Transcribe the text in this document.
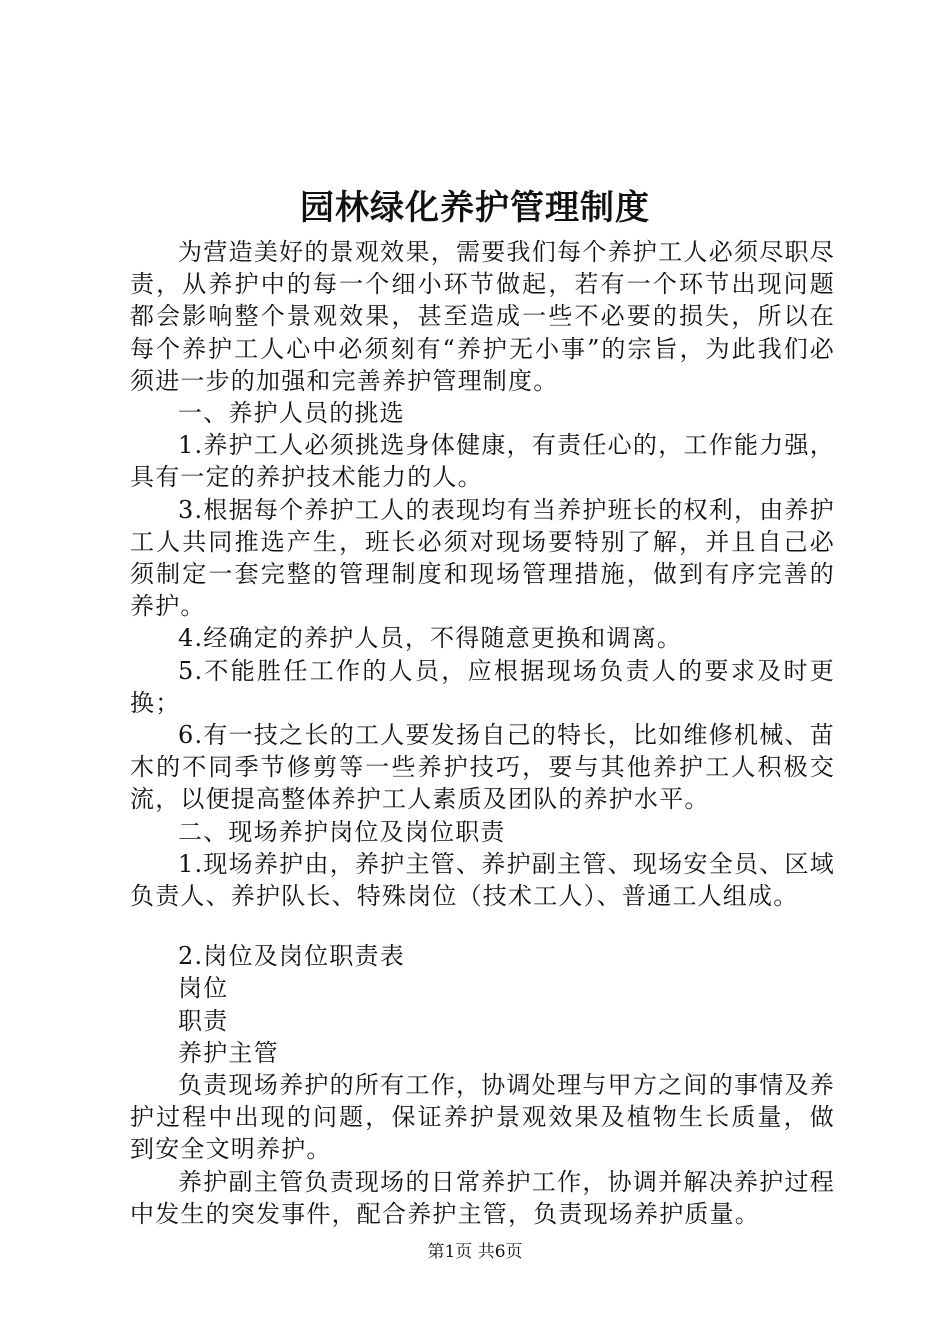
园林绿化养护管理制度

为营造美好的景观效果，需要我们每个养护工人必须尽职尽责，从养护中的每一个细小环节做起，若有一个环节出现问题都会影响整个景观效果，甚至造成一些不必要的损失，所以在每个养护工人心中必须刻有“养护无小事”的宗旨，为此我们必须进一步的加强和完善养护管理制度。

一、养护人员的挑选

1.养护工人必须挑选身体健康，有责任心的，工作能力强，具有一定的养护技术能力的人。

3.根据每个养护工人的表现均有当养护班长的权利，由养护工人共同推选产生，班长必须对现场要特别了解，并且自己必须制定一套完整的管理制度和现场管理措施，做到有序完善的养护。

4.经确定的养护人员，不得随意更换和调离。

5.不能胜任工作的人员，应根据现场负责人的要求及时更换；

6.有一技之长的工人要发扬自己的特长，比如维修机械、苗木的不同季节修剪等一些养护技巧，要与其他养护工人积极交流，以便提高整体养护工人素质及团队的养护水平。

二、现场养护岗位及岗位职责

1.现场养护由，养护主管、养护副主管、现场安全员、区域负责人、养护队长、特殊岗位（技术工人）、普通工人组成。

2.岗位及岗位职责表

岗位

职责

养护主管

负责现场养护的所有工作，协调处理与甲方之间的事情及养护过程中出现的问题，保证养护景观效果及植物生长质量，做到安全文明养护。

养护副主管负责现场的日常养护工作，协调并解决养护过程中发生的突发事件，配合养护主管，负责现场养护质量。

第1页 共6页
